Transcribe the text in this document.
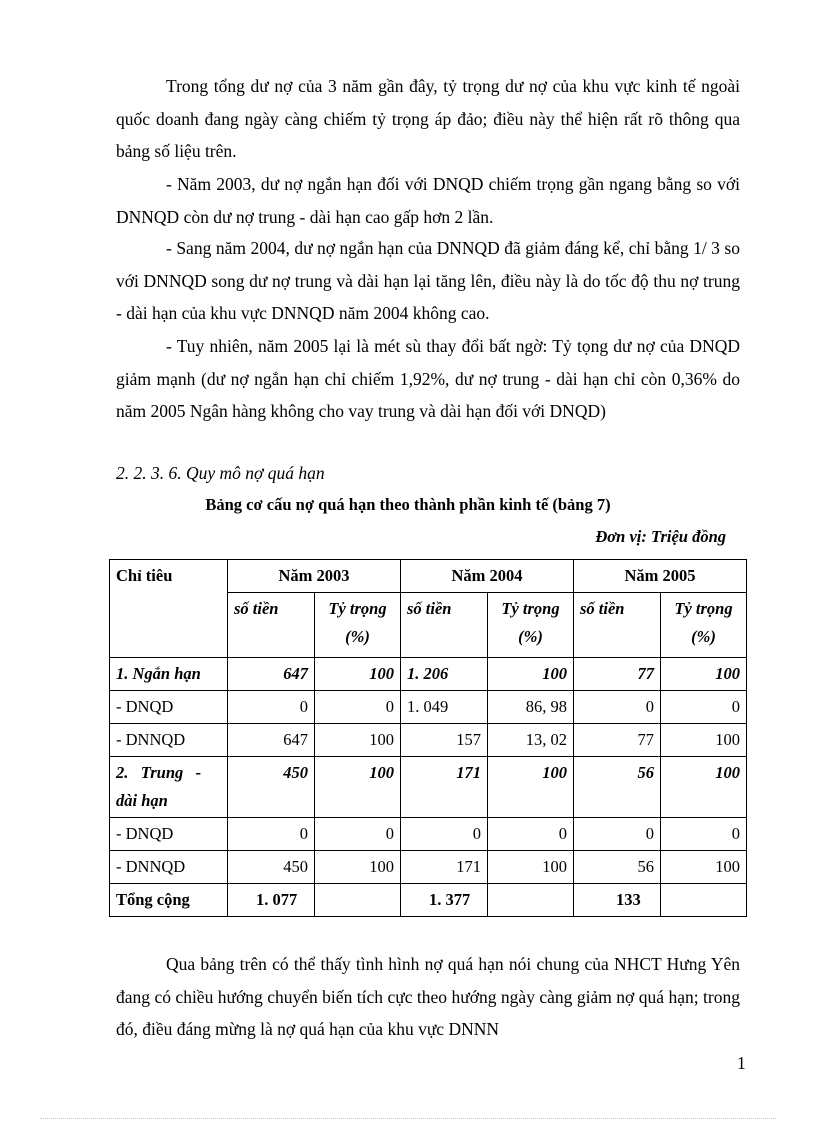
Trong tổng dư nợ của 3 năm gần đây, tỷ trọng dư nợ của khu vực kinh tế ngoài quốc doanh đang ngày càng chiếm tỷ trọng áp đảo; điều này thể hiện rất rõ thông qua bảng số liệu trên.

- Năm 2003, dư nợ ngắn hạn đối với DNQD chiếm trọng gần ngang bằng so với DNNQD còn dư nợ trung - dài hạn cao gấp hơn 2 lần.

- Sang năm 2004, dư nợ ngắn hạn của DNNQD đã giảm đáng kể, chỉ bằng 1/ 3 so với DNNQD song dư nợ trung và dài hạn lại tăng lên, điều này là do tốc độ thu nợ trung - dài hạn của khu vực DNNQD năm 2004 không cao.

- Tuy nhiên, năm 2005 lại là mét sù thay đổi bất ngờ: Tỷ tọng dư nợ của DNQD giảm mạnh (dư nợ ngắn hạn chỉ chiếm 1,92%, dư nợ trung - dài hạn chỉ còn 0,36% do năm 2005 Ngân hàng không cho vay trung và dài hạn đối với DNQD)

2. 2. 3. 6. Quy mô nợ quá hạn
Bảng cơ cấu nợ quá hạn theo thành phần kinh tế (bảng 7)
Đơn vị: Triệu đồng
Chỉ tiêu	Năm 2003		Năm 2004		Năm 2005	
	số tiền	Tỷ trọng
(%)	số tiền	Tỷ trọng
(%)	số tiền	Tỷ trọng
(%)
1. Ngắn hạn	647	100	1. 206	100	77	100
- DNQD	0	0	1. 049	86, 98	0	0
- DNNQD	647	100	157	13, 02	77	100
2.   Trung   -
dài hạn	450	100	171	100	56	100
- DNQD	0	0	0	0	0	0
- DNNQD	450	100	171	100	56	100
Tổng cộng	1. 077		1. 377		133	

Qua bảng trên có thể thấy tình hình nợ quá hạn nói chung của NHCT Hưng Yên đang có chiều hướng chuyển biến tích cực theo hướng ngày càng giảm nợ quá hạn; trong đó, điều đáng mừng là nợ quá hạn của khu vực DNNN

1
